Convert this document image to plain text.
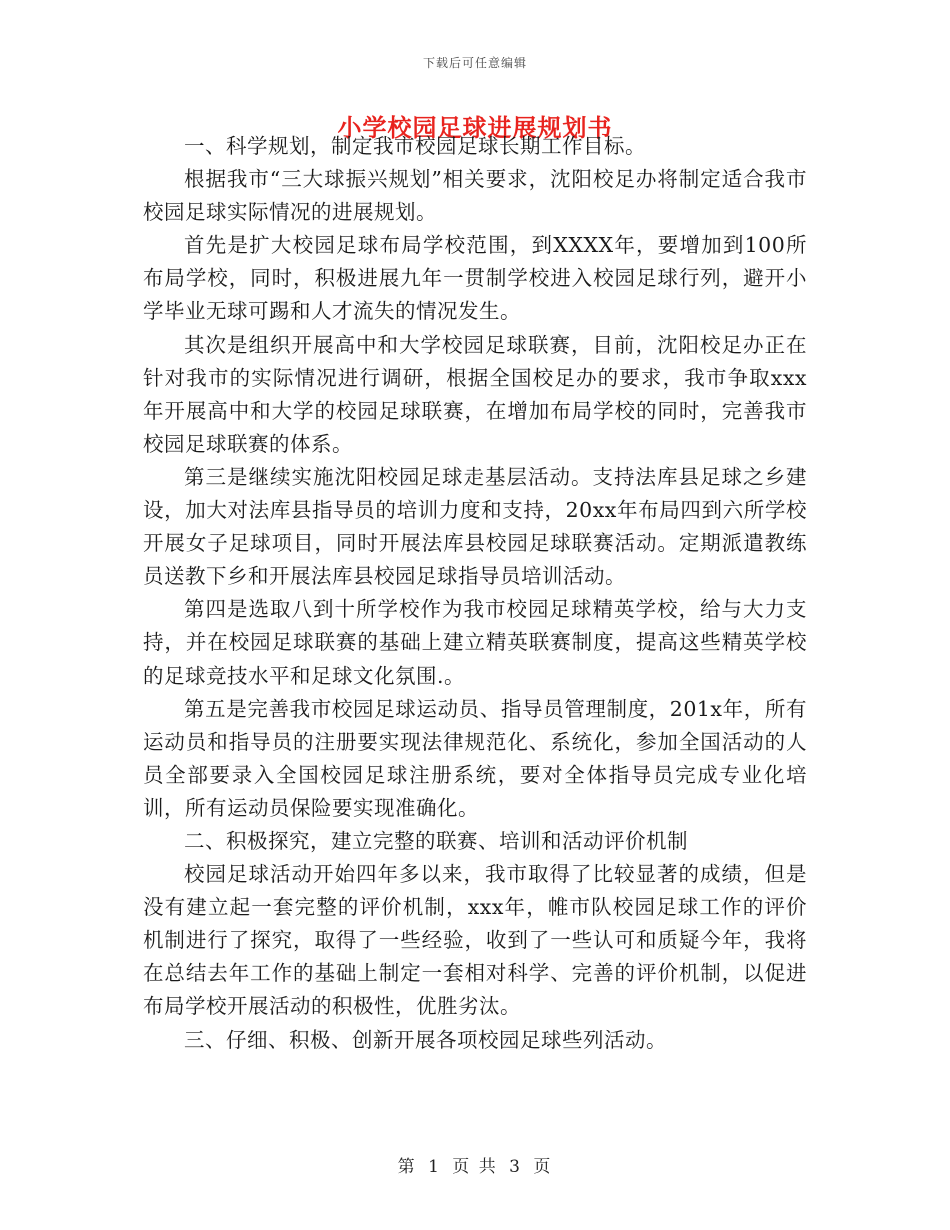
下载后可任意编辑
小学校园足球进展规划书

一、科学规划，制定我市校园足球长期工作目标。

根据我市“三大球振兴规划”相关要求，沈阳校足办将制定适合我市校园足球实际情况的进展规划。

首先是扩大校园足球布局学校范围，到XXXX年，要增加到100所布局学校，同时，积极进展九年一贯制学校进入校园足球行列，避开小学毕业无球可踢和人才流失的情况发生。

其次是组织开展高中和大学校园足球联赛，目前，沈阳校足办正在针对我市的实际情况进行调研，根据全国校足办的要求，我市争取xxx年开展高中和大学的校园足球联赛，在增加布局学校的同时，完善我市校园足球联赛的体系。

第三是继续实施沈阳校园足球走基层活动。支持法库县足球之乡建设，加大对法库县指导员的培训力度和支持，20xx年布局四到六所学校开展女子足球项目，同时开展法库县校园足球联赛活动。定期派遣教练员送教下乡和开展法库县校园足球指导员培训活动。

第四是选取八到十所学校作为我市校园足球精英学校，给与大力支持，并在校园足球联赛的基础上建立精英联赛制度，提高这些精英学校的足球竞技水平和足球文化氛围.。

第五是完善我市校园足球运动员、指导员管理制度，201x年，所有运动员和指导员的注册要实现法律规范化、系统化，参加全国活动的人员全部要录入全国校园足球注册系统，要对全体指导员完成专业化培训，所有运动员保险要实现准确化。

二、积极探究，建立完整的联赛、培训和活动评价机制

校园足球活动开始四年多以来，我市取得了比较显著的成绩，但是没有建立起一套完整的评价机制，xxx年，帷市队校园足球工作的评价机制进行了探究，取得了一些经验，收到了一些认可和质疑今年，我将在总结去年工作的基础上制定一套相对科学、完善的评价机制，以促进布局学校开展活动的积极性，优胜劣汰。

三、仔细、积极、创新开展各项校园足球些列活动。

第 1 页 共 3 页
